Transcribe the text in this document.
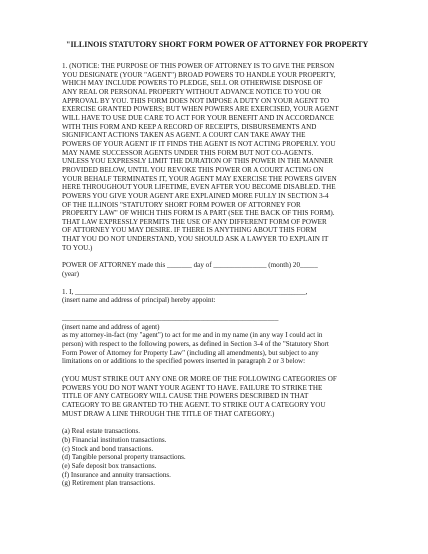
"ILLINOIS STATUTORY SHORT FORM POWER OF ATTORNEY FOR PROPERTY
1. (NOTICE: THE PURPOSE OF THIS POWER OF ATTORNEY IS TO GIVE THE PERSON
YOU DESIGNATE (YOUR "AGENT") BROAD POWERS TO HANDLE YOUR PROPERTY,
WHICH MAY INCLUDE POWERS TO PLEDGE, SELL OR OTHERWISE DISPOSE OF
ANY REAL OR PERSONAL PROPERTY WITHOUT ADVANCE NOTICE TO YOU OR
APPROVAL BY YOU. THIS FORM DOES NOT IMPOSE A DUTY ON YOUR AGENT TO
EXERCISE GRANTED POWERS; BUT WHEN POWERS ARE EXERCISED, YOUR AGENT
WILL HAVE TO USE DUE CARE TO ACT FOR YOUR BENEFIT AND IN ACCORDANCE
WITH THIS FORM AND KEEP A RECORD OF RECEIPTS, DISBURSEMENTS AND
SIGNIFICANT ACTIONS TAKEN AS AGENT. A COURT CAN TAKE AWAY THE
POWERS OF YOUR AGENT IF IT FINDS THE AGENT IS NOT ACTING PROPERLY. YOU
MAY NAME SUCCESSOR AGENTS UNDER THIS FORM BUT NOT CO-AGENTS.
UNLESS YOU EXPRESSLY LIMIT THE DURATION OF THIS POWER IN THE MANNER
PROVIDED BELOW, UNTIL YOU REVOKE THIS POWER OR A COURT ACTING ON
YOUR BEHALF TERMINATES IT, YOUR AGENT MAY EXERCISE THE POWERS GIVEN
HERE THROUGHOUT YOUR LIFETIME, EVEN AFTER YOU BECOME DISABLED. THE
POWERS YOU GIVE YOUR AGENT ARE EXPLAINED MORE FULLY IN SECTION 3-4
OF THE ILLINOIS "STATUTORY SHORT FORM POWER OF ATTORNEY FOR
PROPERTY LAW" OF WHICH THIS FORM IS A PART (SEE THE BACK OF THIS FORM).
THAT LAW EXPRESSLY PERMITS THE USE OF ANY DIFFERENT FORM OF POWER
OF ATTORNEY YOU MAY DESIRE. IF THERE IS ANYTHING ABOUT THIS FORM
THAT YOU DO NOT UNDERSTAND, YOU SHOULD ASK A LAWYER TO EXPLAIN IT
TO YOU.)
POWER OF ATTORNEY made this _______ day of _______________ (month) 20_____
(year)
1. I, _________________________________________________________________,
(insert name and address of principal) hereby appoint:
_____________________________________________________________
(insert name and address of agent)
as my attorney-in-fact (my "agent") to act for me and in my name (in any way I could act in
person) with respect to the following powers, as defined in Section 3-4 of the "Statutory Short
Form Power of Attorney for Property Law" (including all amendments), but subject to any
limitations on or additions to the specified powers inserted in paragraph 2 or 3 below:
(YOU MUST STRIKE OUT ANY ONE OR MORE OF THE FOLLOWING CATEGORIES OF
POWERS YOU DO NOT WANT YOUR AGENT TO HAVE. FAILURE TO STRIKE THE
TITLE OF ANY CATEGORY WILL CAUSE THE POWERS DESCRIBED IN THAT
CATEGORY TO BE GRANTED TO THE AGENT. TO STRIKE OUT A CATEGORY YOU
MUST DRAW A LINE THROUGH THE TITLE OF THAT CATEGORY.)
(a) Real estate transactions.
(b) Financial institution transactions.
(c) Stock and bond transactions.
(d) Tangible personal property transactions.
(e) Safe deposit box transactions.
(f) Insurance and annuity transactions.
(g) Retirement plan transactions.
